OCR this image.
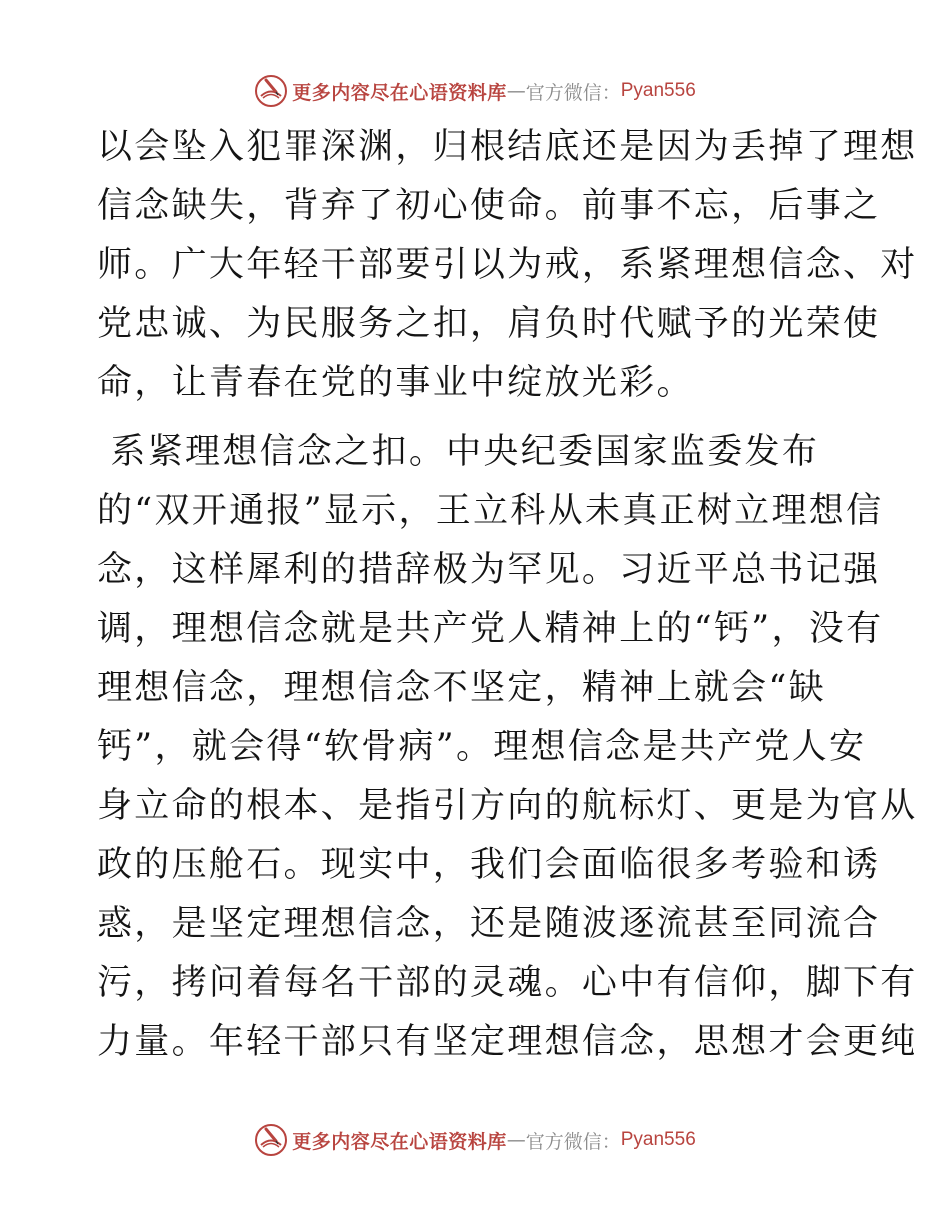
更多内容尽在心语资料库 — 官方微信： Pyan556
以会坠入犯罪深渊，归根结底还是因为丢掉了理想
信念缺失，背弃了初心使命。前事不忘，后事之
师。广大年轻干部要引以为戒，系紧理想信念、对
党忠诚、为民服务之扣，肩负时代赋予的光荣使
命，让青春在党的事业中绽放光彩。
系紧理想信念之扣。中央纪委国家监委发布
的“双开通报”显示，王立科从未真正树立理想信
念，这样犀利的措辞极为罕见。习近平总书记强
调，理想信念就是共产党人精神上的“钙”，没有
理想信念，理想信念不坚定，精神上就会“缺
钙”，就会得“软骨病”。理想信念是共产党人安
身立命的根本、是指引方向的航标灯、更是为官从
政的压舱石。现实中，我们会面临很多考验和诱
惑，是坚定理想信念，还是随波逐流甚至同流合
污，拷问着每名干部的灵魂。心中有信仰，脚下有
力量。年轻干部只有坚定理想信念，思想才会更纯
更多内容尽在心语资料库 — 官方微信： Pyan556
